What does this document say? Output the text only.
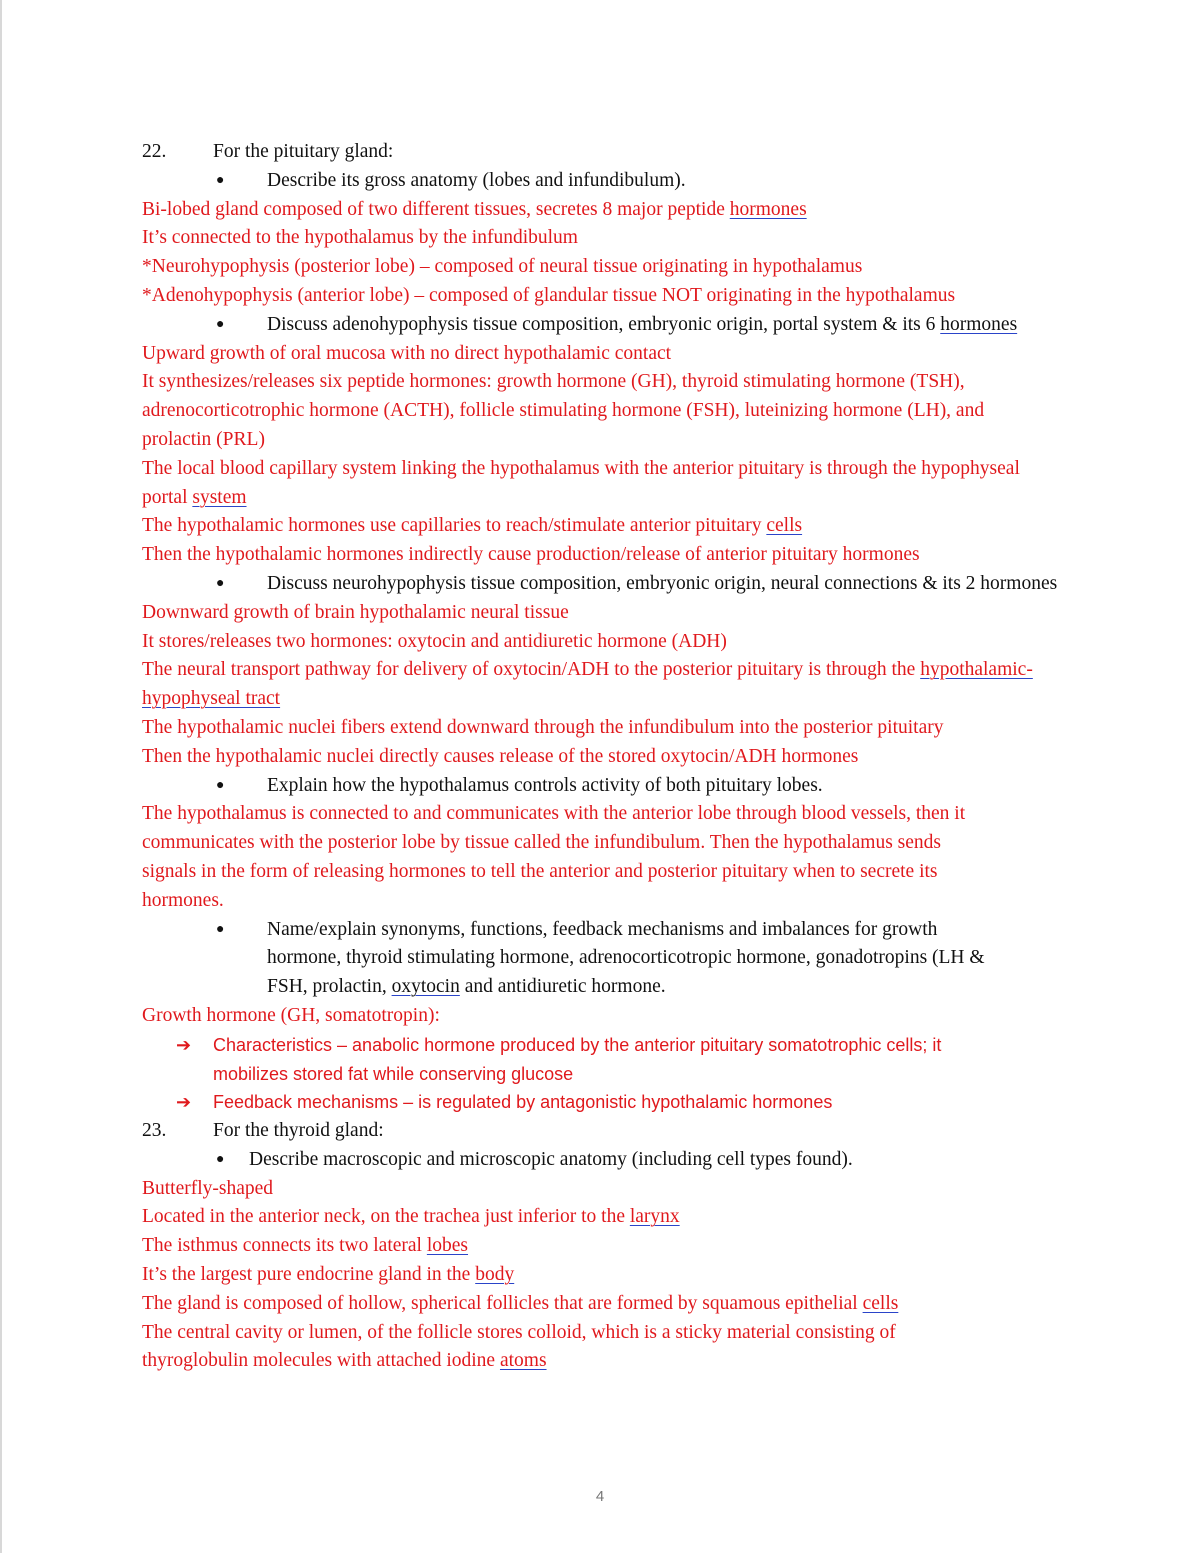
22. For the pituitary gland:
● Describe its gross anatomy (lobes and infundibulum).
Bi-lobed gland composed of two different tissues, secretes 8 major peptide hormones
It’s connected to the hypothalamus by the infundibulum
*Neurohypophysis (posterior lobe) – composed of neural tissue originating in hypothalamus
*Adenohypophysis (anterior lobe) – composed of glandular tissue NOT originating in the hypothalamus
● Discuss adenohypophysis tissue composition, embryonic origin, portal system & its 6 hormones
Upward growth of oral mucosa with no direct hypothalamic contact
It synthesizes/releases six peptide hormones: growth hormone (GH), thyroid stimulating hormone (TSH),
adrenocorticotrophic hormone (ACTH), follicle stimulating hormone (FSH), luteinizing hormone (LH), and
prolactin (PRL)
The local blood capillary system linking the hypothalamus with the anterior pituitary is through the hypophyseal
portal system
The hypothalamic hormones use capillaries to reach/stimulate anterior pituitary cells
Then the hypothalamic hormones indirectly cause production/release of anterior pituitary hormones
● Discuss neurohypophysis tissue composition, embryonic origin, neural connections & its 2 hormones
Downward growth of brain hypothalamic neural tissue
It stores/releases two hormones: oxytocin and antidiuretic hormone (ADH)
The neural transport pathway for delivery of oxytocin/ADH to the posterior pituitary is through the hypothalamic-
hypophyseal tract
The hypothalamic nuclei fibers extend downward through the infundibulum into the posterior pituitary
Then the hypothalamic nuclei directly causes release of the stored oxytocin/ADH hormones
● Explain how the hypothalamus controls activity of both pituitary lobes.
The hypothalamus is connected to and communicates with the anterior lobe through blood vessels, then it
communicates with the posterior lobe by tissue called the infundibulum. Then the hypothalamus sends
signals in the form of releasing hormones to tell the anterior and posterior pituitary when to secrete its
hormones.
● Name/explain synonyms, functions, feedback mechanisms and imbalances for growth
hormone, thyroid stimulating hormone, adrenocorticotropic hormone, gonadotropins (LH &
FSH, prolactin, oxytocin and antidiuretic hormone.
Growth hormone (GH, somatotropin):
➔ Characteristics – anabolic hormone produced by the anterior pituitary somatotrophic cells; it
mobilizes stored fat while conserving glucose
➔ Feedback mechanisms – is regulated by antagonistic hypothalamic hormones
23. For the thyroid gland:
● Describe macroscopic and microscopic anatomy (including cell types found).
Butterfly-shaped
Located in the anterior neck, on the trachea just inferior to the larynx
The isthmus connects its two lateral lobes
It’s the largest pure endocrine gland in the body
The gland is composed of hollow, spherical follicles that are formed by squamous epithelial cells
The central cavity or lumen, of the follicle stores colloid, which is a sticky material consisting of
thyroglobulin molecules with attached iodine atoms
4
